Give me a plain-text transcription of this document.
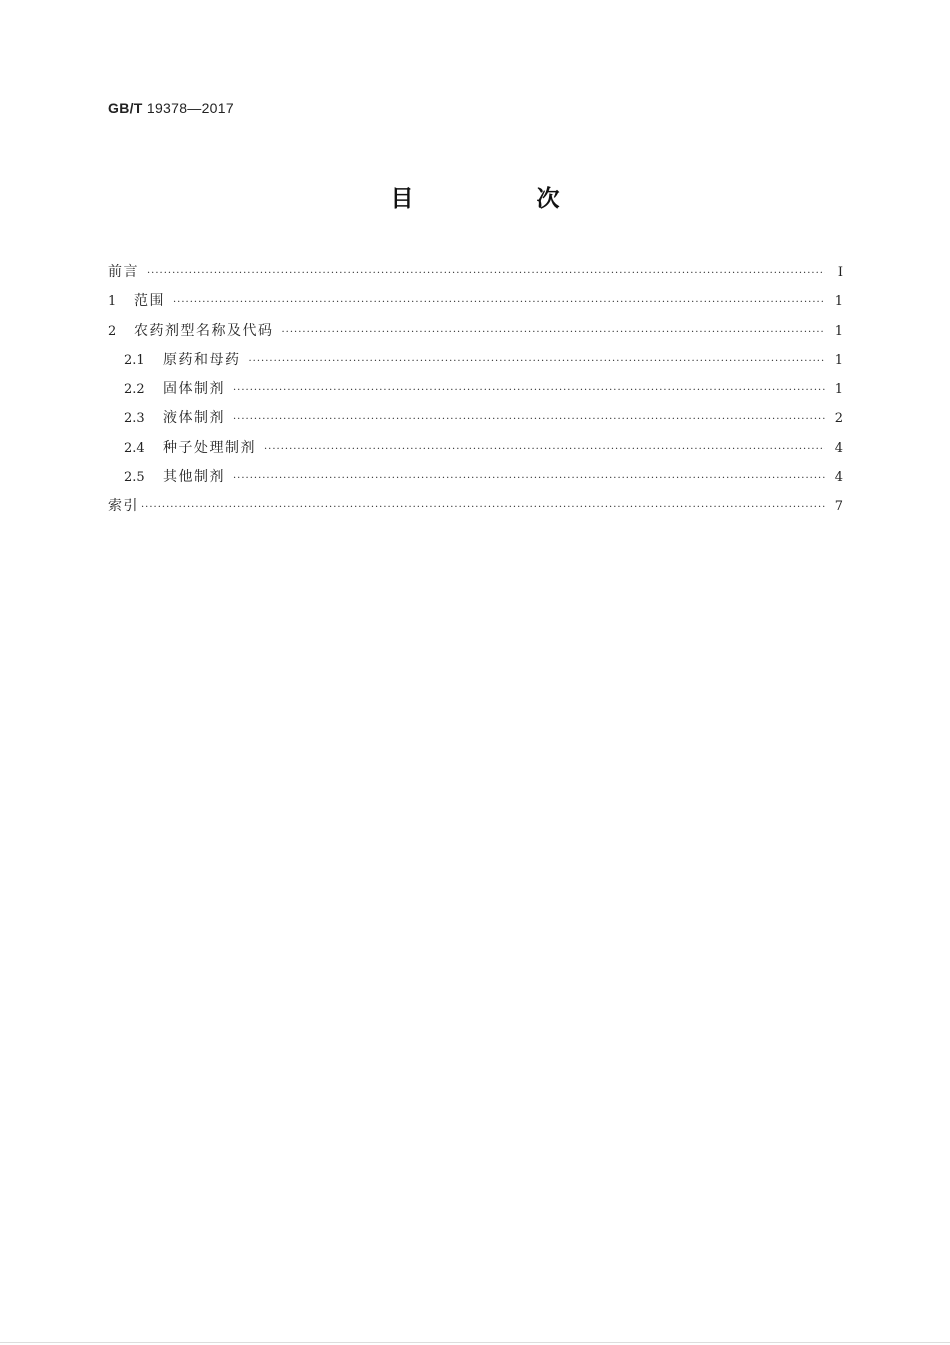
GB/T 19378—2017
目　次
前言 ·····	Ⅰ
1	范围 ·····	1
2	农药剂型名称及代码 ·····	1
2.1	原药和母药 ·····	1
2.2	固体制剂 ·····	1
2.3	液体制剂 ·····	2
2.4	种子处理制剂 ·····	4
2.5	其他制剂 ·····	4
索引 ·····	7
